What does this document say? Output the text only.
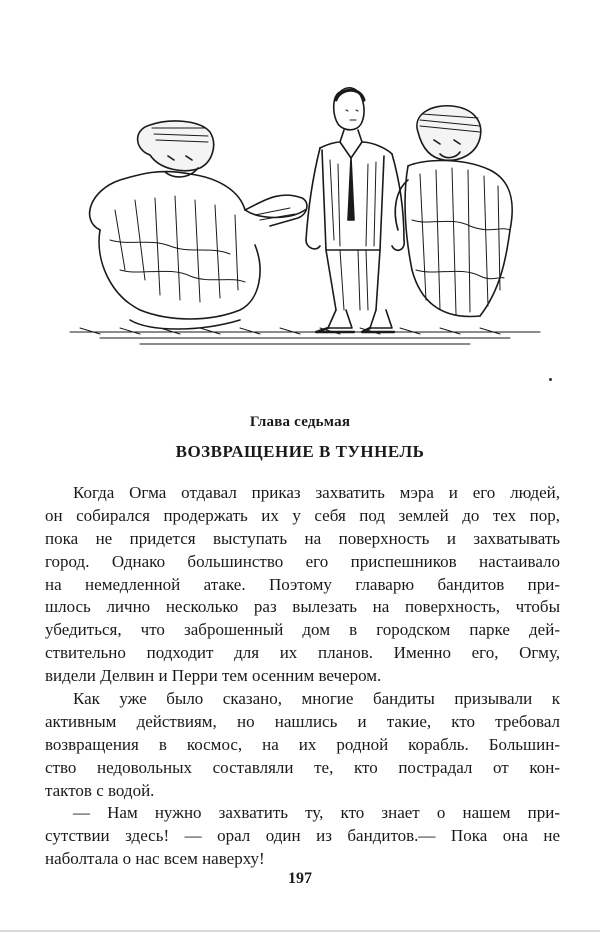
Глава седьмая
ВОЗВРАЩЕНИЕ В ТУННЕЛЬ
Когда Огма отдавал приказ захватить мэра и его людей,
он собирался продержать их у себя под землей до тех пор,
пока не придется выступать на поверхность и захватывать
город. Однако большинство его приспешников настаивало
на немедленной атаке. Поэтому главарю бандитов при-
шлось лично несколько раз вылезать на поверхность, чтобы
убедиться, что заброшенный дом в городском парке дей-
ствительно подходит для их планов. Именно его, Огму,
видели Делвин и Перри тем осенним вечером.
Как уже было сказано, многие бандиты призывали к
активным действиям, но нашлись и такие, кто требовал
возвращения в космос, на их родной корабль. Большин-
ство недовольных составляли те, кто пострадал от кон-
тактов с водой.
— Нам нужно захватить ту, кто знает о нашем при-
сутствии здесь! — орал один из бандитов.— Пока она не
наболтала о нас всем наверху!
197
